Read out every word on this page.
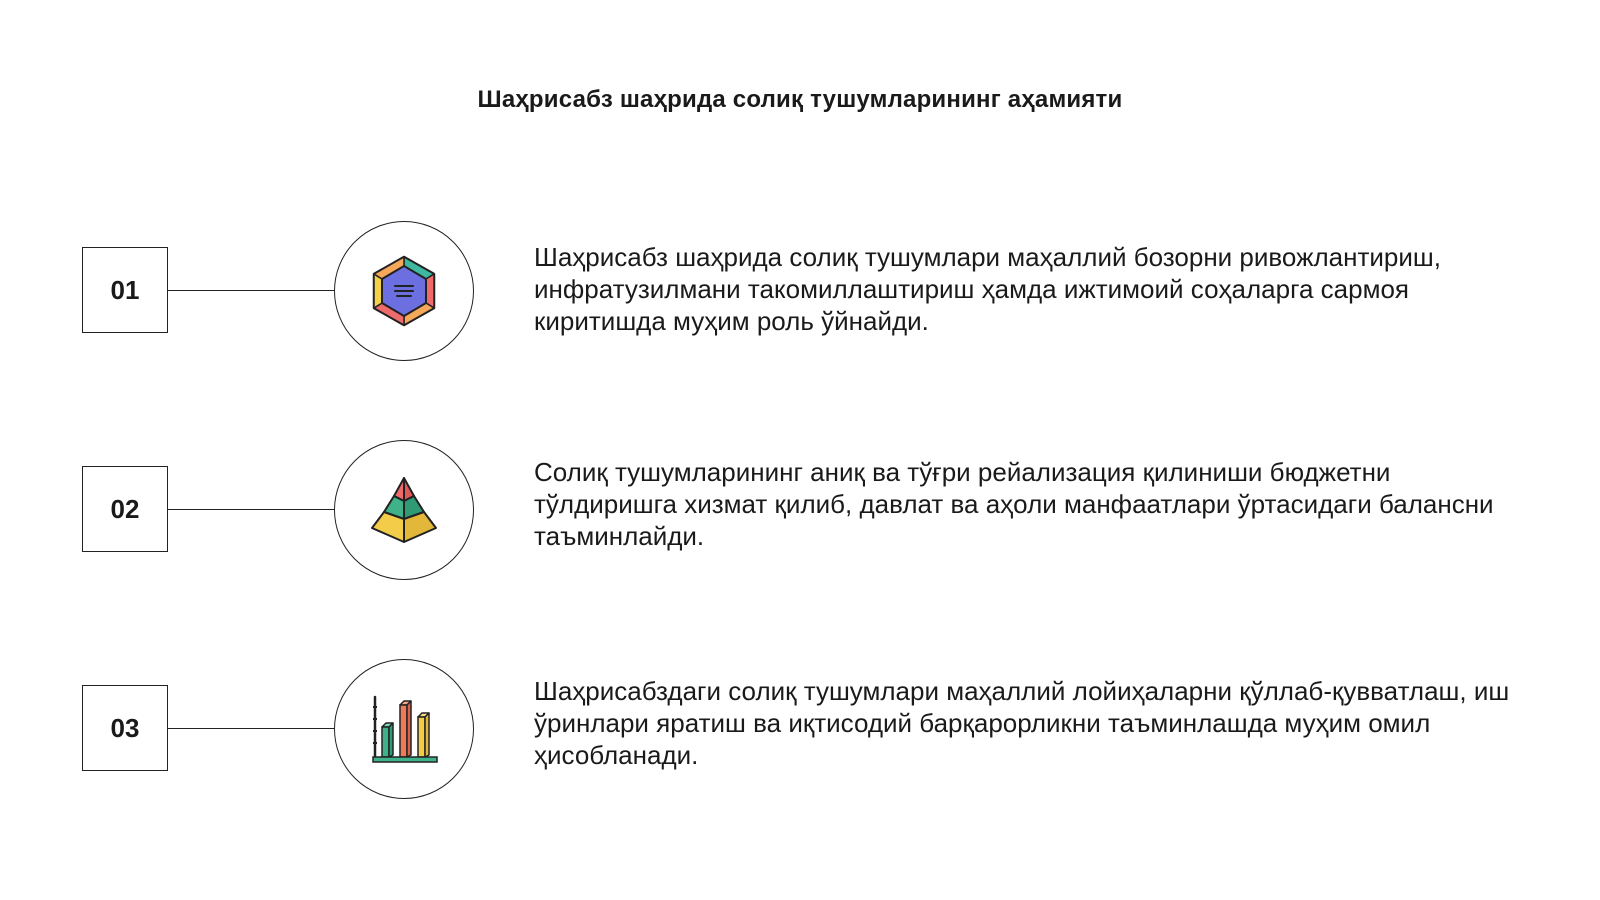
Шаҳрисабз шаҳрида солиқ тушумларининг аҳамияти
01
Шаҳрисабз шаҳрида солиқ тушумлари маҳаллий бозорни ривожлантириш, инфратузилмани такомиллаштириш ҳамда ижтимоий соҳаларга сармоя киритишда муҳим роль ўйнайди.
02
Солиқ тушумларининг аниқ ва тўғри рейализация қилиниши бюджетни тўлдиришга хизмат қилиб, давлат ва аҳоли манфаатлари ўртасидаги балансни таъминлайди.
03
Шаҳрисабздаги солиқ тушумлари маҳаллий лойиҳаларни қўллаб-қувватлаш, иш ўринлари яратиш ва иқтисодий барқарорликни таъминлашда муҳим омил ҳисобланади.
